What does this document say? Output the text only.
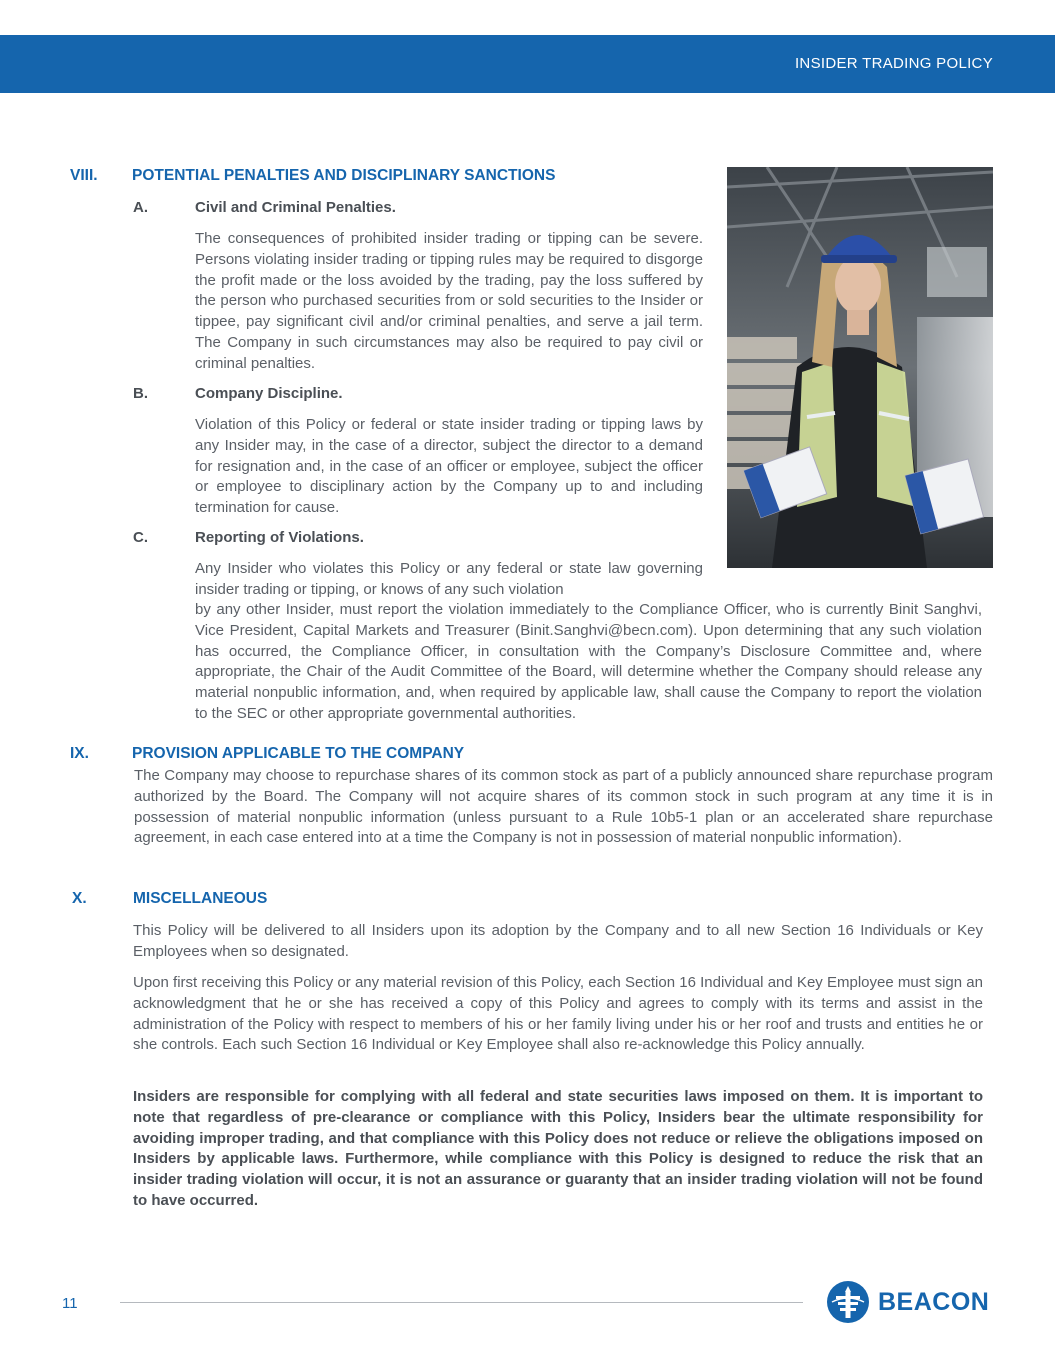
INSIDER TRADING POLICY
VIII. POTENTIAL PENALTIES AND DISCIPLINARY SANCTIONS
A.	Civil and Criminal Penalties.

The consequences of prohibited insider trading or tipping can be severe. Persons violating insider trading or tipping rules may be required to disgorge the profit made or the loss avoided by the trading, pay the loss suffered by the person who purchased securities from or sold securities to the Insider or tippee, pay significant civil and/or criminal penalties, and serve a jail term. The Company in such circumstances may also be required to pay civil or criminal penalties.

B.	Company Discipline.

Violation of this Policy or federal or state insider trading or tipping laws by any Insider may, in the case of a director, subject the director to a demand for resignation and, in the case of an officer or employee, subject the officer or employee to disciplinary action by the Company up to and including termination for cause.

C.	Reporting of Violations.

Any Insider who violates this Policy or any federal or state law governing insider trading or tipping, or knows of any such violation

by any other Insider, must report the violation immediately to the Compliance Officer, who is currently Binit Sanghvi, Vice President, Capital Markets and Treasurer (Binit.Sanghvi@becn.com). Upon determining that any such violation has occurred, the Compliance Officer, in consultation with the Company’s Disclosure Committee and, where appropriate, the Chair of the Audit Committee of the Board, will determine whether the Company should release any material nonpublic information, and, when required by applicable law, shall cause the Company to report the violation to the SEC or other appropriate governmental authorities.

IX.	PROVISION APPLICABLE TO THE COMPANY

The Company may choose to repurchase shares of its common stock as part of a publicly announced share repurchase program authorized by the Board. The Company will not acquire shares of its common stock in such program at any time it is in possession of material nonpublic information (unless pursuant to a Rule 10b5-1 plan or an accelerated share repurchase agreement, in each case entered into at a time the Company is not in possession of material nonpublic information).

X.	MISCELLANEOUS

This Policy will be delivered to all Insiders upon its adoption by the Company and to all new Section 16 Individuals or Key Employees when so designated.

Upon first receiving this Policy or any material revision of this Policy, each Section 16 Individual and Key Employee must sign an acknowledgment that he or she has received a copy of this Policy and agrees to comply with its terms and assist in the administration of the Policy with respect to members of his or her family living under his or her roof and trusts and entities he or she controls. Each such Section 16 Individual or Key Employee shall also re-acknowledge this Policy annually.

Insiders are responsible for complying with all federal and state securities laws imposed on them. It is important to note that regardless of pre-clearance or compliance with this Policy, Insiders bear the ultimate responsibility for avoiding improper trading, and that compliance with this Policy does not reduce or relieve the obligations imposed on Insiders by applicable laws. Furthermore, while compliance with this Policy is designed to reduce the risk that an insider trading violation will occur, it is not an assurance or guaranty that an insider trading violation will not be found to have occurred.

11	BEACON
